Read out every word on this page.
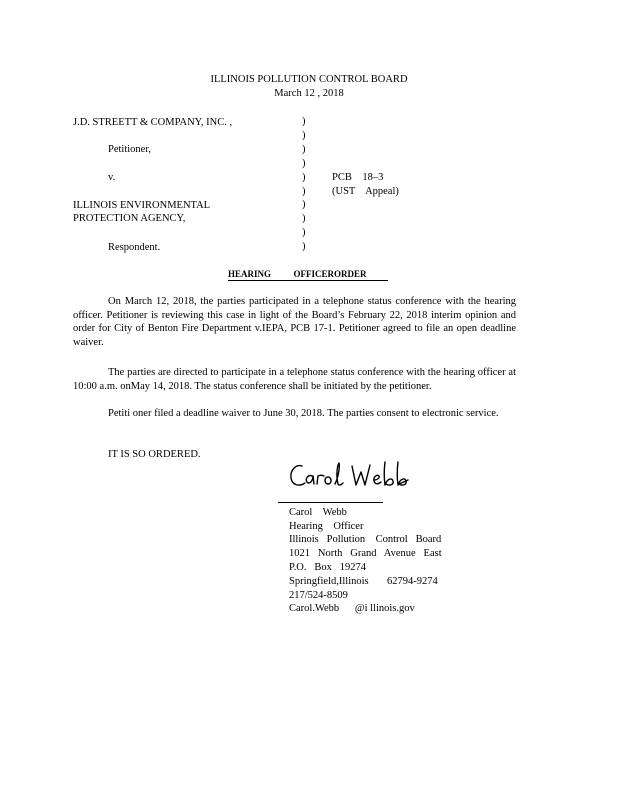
ILLINOIS POLLUTION CONTROL BOARD
March 12 , 2018
J.D. STREETT & COMPANY, INC. ,
Petitioner,
v.
ILLINOIS ENVIRONMENTAL
PROTECTION AGENCY,
Respondent.
)
)
)
)
)
)
)
)
)
)
PCB    18–3
(UST    Appeal)
HEARING          OFFICERORDER
On March 12, 2018, the parties participated in a telephone status conference with the hearing officer. Petitioner is reviewing this case in light of the Board’s February 22, 2018 interim opinion and order for City of Benton Fire Department v.IEPA, PCB 17-1. Petitioner agreed to file an open deadline waiver.
The parties are directed to participate in a telephone status conference with the hearing officer at 10:00 a.m. onMay 14, 2018. The status conference shall be initiated by the petitioner.
Petiti oner filed a deadline waiver to June 30, 2018. The parties consent to electronic service.
IT IS SO ORDERED.
Carol    Webb
Hearing    Officer
Illinois   Pollution    Control   Board
1021   North   Grand   Avenue   East
P.O.   Box   19274
Springfield,Illinois       62794-9274
217/524-8509
Carol.Webb      @i llinois.gov
